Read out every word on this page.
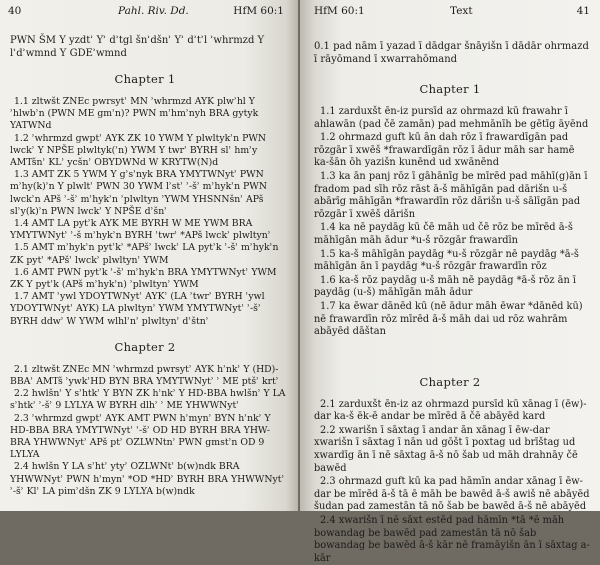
40	Pahl. Riv. Dd.	HfM 60:1
PWN ŠM Y yzdtʾ Yʾ dʾtgl šnʾdšnʾ Yʾ dʾtʾl ʾwhrmzd Y lʾdʾwmnd Y GDEʾwmnd
Chapter 1
1.1 zltwšt ZNEc pwrsytʾ MN ʾwhrmzd AYK plwʾhl Y ʾhlwbʾn (PWN ME gmʾn)? PWN mʾhmʾnyh BRA gytyk YATWNd
1.2 ʾwhrmzd gwptʾ AYK ZK 10 YWM Y plwltykʾn PWN lwckʾ Y NPŠE plwltyk(ʾn) YWM Y twrʾ BYRH slʾ hmʾy AMTšnʾ KLʾ ycšnʾ OBYDWNd W KRYTW(N)d
1.3 AMT ZK 5 YWM Y gʾsʾnyk BRA YMYTWNytʾ PWN mʾhy(k)ʾn Y plwltʾ PWN 30 YWM lʾstʾ ʾ-šʾ mʾhykʾn PWN lwckʾn APš ʾ-šʾ mʾhykʾn ʾplwltyn ʾYWM YHSNNšnʾ APš slʾy(k)ʾn PWN lwckʾ Y NPŠE dʾšnʾ
1.4 AMT LA pytʾk AYK ME BYRH W ME YWM BRA YMYTWNytʾ ʾ-š mʾhykʾn BYRH ʾtwrʾ *APš lwckʾ plwltynʾ
1.5 AMT mʾhykʾn pytʾkʾ *APšʾ lwckʾ LA pytʾk ʾ-šʾ mʾhykʾn ZK pytʾ *APšʾ lwckʾ plwltynʾ YWM
1.6 AMT PWN pytʾk ʾ-šʾ mʾhykʾn BRA YMYTWNytʾ YWM ZK Y pytʾk (APš mʾhykʾn) ʾplwltynʾ YWM
1.7 AMT ʾywl YDOYTWNytʾ AYKʾ (LA ʾtwrʾ BYRH ʾywl YDOYTWNytʾ AYK) LA plwltynʾ YWM YMYTWNytʾ ʾ-šʾ BYRH ddwʾ W YWM wlhlʾnʾ plwltynʾ dʾštnʾ
Chapter 2
2.1 zltwšt ZNEc MN ʾwhrmzd pwrsytʾ AYK hʾnkʾ Y (HD)-BBAʾ AMTš ʾywkʾHD BYN BRA YMYTWNytʾ ʾ ME ptšʾ krtʾ
2.2 hwlšnʾ Y sʾhtkʾ Y BYN ZK hʾnkʾ Y HD-BBA hwlšnʾ Y LA sʾhtkʾ ʾ-šʾ 9 LYLYA W BYRH dlhʾ ʾ ME YHWWNytʾ
2.3 ʾwhrmzd gwptʾ AYK AMT PWN hʾmynʾ BYN hʾnkʾ Y HD-BBA BRA YMYTWNytʾ ʾ-šʾ OD HD BYRH BRA YHW-BRA YHWWNytʾ APš ptʾ OZLWNtnʾ PWN gmstʾn OD 9 LYLYA
2.4 hwlšn Y LA sʾhtʾ ytyʾ OZLWNtʾ b(w)ndk BRA YHWWNytʾ PWN hʾmynʾ *OD *HDʾ BYRH BRA YHWWNytʾ ʾ-šʾ Klʾ LA pimʾdšn ZK 9 LYLYA b(w)ndk
HfM 60:1	Text	41
0.1 pad nām ī yazad ī dādgar šnāyišn ī dādār ohrmazd ī rāyōmand ī xwarrahōmand
Chapter 1
1.1 zarduxšt ēn-iz pursīd az ohrmazd kū frawahr ī ahlawān (pad čē zamān) pad mehmānīh be gētīg āyēnd
1.2 ohrmazd guft kū ān dah rōz ī frawardīgān pad rōzgār ī xwēš *frawardīgān rōz ī ādur māh sar hamē ka-šān ōh yazišn kunēnd ud xwānēnd
1.3 ka ān panj rōz ī gāhānīg be mīrēd pad māhī(g)ān ī fradom pad sīh rōz rāst ā-š māhīgān pad dārišn u-š abārīg māhīgān *frawardīn rōz dārišn u-š sālīgān pad rōzgār ī xwēš dārišn
1.4 ka nē paydāg kū čē māh ud čē rōz be mīrēd ā-š māhīgān māh ādur *u-š rōzgār frawardīn
1.5 ka-š māhīgān paydāg *u-š rōzgār nē paydāg *ā-š māhīgān ān ī paydāg *u-š rōzgār frawardīn rōz
1.6 ka-š rōz paydāg u-š māh nē paydāg *ā-š rōz ān ī paydāg (u-š) māhīgān māh ādur
1.7 ka ēwar dānēd kū (nē ādur māh ēwar *dānēd kū) nē frawardīn rōz mīrēd ā-š māh dai ud rōz wahrām abāyēd dāštan
Chapter 2
2.1 zarduxšt ēn-iz az ohrmazd pursīd kū xānag ī (ēw)-dar ka-š ēk-ē andar be mīrēd ā čē abāyēd kard
2.2 xwarišn ī sāxtag ī andar ān xānag ī ēw-dar xwarišn ī sāxtag ī nān ud gōšt ī poxtag ud brīštag ud xwardīg ān ī nē sāxtag ā-š nō šab ud māh drahnāy čē bawēd
2.3 ohrmazd guft kū ka pad hāmīn andar xānag ī ēw-dar be mīrēd ā-š tā ē māh be bawēd ā-š awiš nē abāyēd šudan pad zamestān tā nō šab be bawēd ā-š nē abāyēd
2.4 xwarišn ī nē sāxt estēd pad hāmīn *tā *ē māh bowandag be bawēd pad zamestān tā nō šab bowandag be bawēd ā-š kār nē framāyišn ān ī sāxtag a-kār
